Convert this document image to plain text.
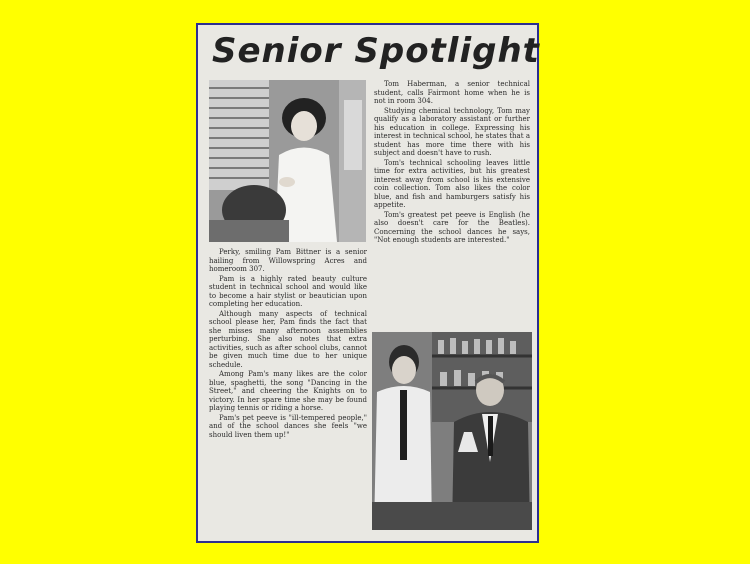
Senior Spotlight

Perky, smiling Pam Bittner is a senior hailing from Willowspring Acres and homeroom 307.

Pam is a highly rated beauty culture student in technical school and would like to become a hair stylist or beautician upon completing her education.

Although many aspects of technical school please her, Pam finds the fact that she misses many afternoon assemblies perturbing. She also notes that extra activities, such as after school clubs, cannot be given much time due to her unique schedule.

Among Pam's many likes are the color blue, spaghetti, the song "Dancing in the Street," and cheering the Knights on to victory. In her spare time she may be found playing tennis or riding a horse.

Pam's pet peeve is "ill-tempered people," and of the school dances she feels "we should liven them up!"

Tom Haberman, a senior technical student, calls Fairmont home when he is not in room 304.

Studying chemical technology, Tom may qualify as a laboratory assistant or further his education in college. Expressing his interest in technical school, he states that a student has more time there with his subject and doesn't have to rush.

Tom's technical schooling leaves little time for extra activities, but his greatest interest away from school is his extensive coin collection. Tom also likes the color blue, and fish and hamburgers satisfy his appetite.

Tom's greatest pet peeve is English (he also doesn't care for the Beatles). Concerning the school dances he says, "Not enough students are interested."
